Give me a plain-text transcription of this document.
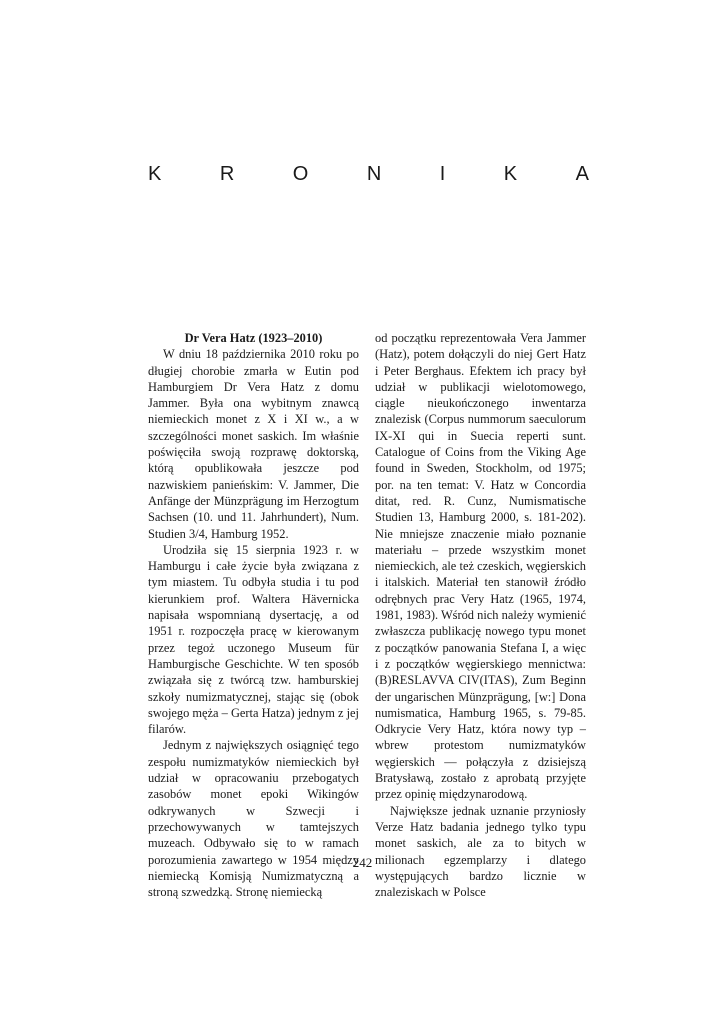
K	R	O	N	I	K	A

Dr Vera Hatz (1923–2010)

W dniu 18 października 2010 roku po długiej chorobie zmarła w Eutin pod Hamburgiem Dr Vera Hatz z domu Jammer. Była ona wybitnym znawcą niemieckich monet z X i XI w., a w szczególności monet saskich. Im właśnie poświęciła swoją rozprawę doktorską, którą opublikowała jeszcze pod nazwiskiem panieńskim: V. Jammer, Die Anfänge der Münzprägung im Herzogtum Sachsen (10. und 11. Jahrhundert), Num. Studien 3/4, Hamburg 1952.

Urodziła się 15 sierpnia 1923 r. w Hamburgu i całe życie była związana z tym miastem. Tu odbyła studia i tu pod kierunkiem prof. Waltera Hävernicka napisała wspomnianą dysertację, a od 1951 r. rozpoczęła pracę w kierowanym przez tegoż uczonego Museum für Hamburgische Geschichte. W ten sposób związała się z twórcą tzw. hamburskiej szkoły numizmatycznej, stając się (obok swojego męża – Gerta Hatza) jednym z jej filarów.

Jednym z największych osiągnięć tego zespołu numizmatyków niemieckich był udział w opracowaniu przebogatych zasobów monet epoki Wikingów odkrywanych w Szwecji i przechowywanych w tamtejszych muzeach. Odbywało się to w ramach porozumienia zawartego w 1954 między niemiecką Komisją Numizmatyczną a stroną szwedzką. Stronę niemiecką

od początku reprezentowała Vera Jammer (Hatz), potem dołączyli do niej Gert Hatz i Peter Berghaus. Efektem ich pracy był udział w publikacji wielotomowego, ciągle nieukończonego inwentarza znalezisk (Corpus nummorum saeculorum IX-XI qui in Suecia reperti sunt. Catalogue of Coins from the Viking Age found in Sweden, Stockholm, od 1975; por. na ten temat: V. Hatz w Concordia ditat, red. R. Cunz, Numismatische Studien 13, Hamburg 2000, s. 181-202). Nie mniejsze znaczenie miało poznanie materiału – przede wszystkim monet niemieckich, ale też czeskich, węgierskich i italskich. Materiał ten stanowił źródło odrębnych prac Very Hatz (1965, 1974, 1981, 1983). Wśród nich należy wymienić zwłaszcza publikację nowego typu monet z początków panowania Stefana I, a więc i z początków węgierskiego mennictwa: (B)RESLAVVA CIV(ITAS), Zum Beginn der ungarischen Münzprägung, [w:] Dona numismatica, Hamburg 1965, s. 79-85. Odkrycie Very Hatz, która nowy typ – wbrew protestom numizmatyków węgierskich — połączyła z dzisiejszą Bratysławą, zostało z aprobatą przyjęte przez opinię międzynarodową.

Największe jednak uznanie przyniosły Verze Hatz badania jednego tylko typu monet saskich, ale za to bitych w milionach egzemplarzy i dlatego występujących bardzo licznie w znaleziskach w Polsce

242
